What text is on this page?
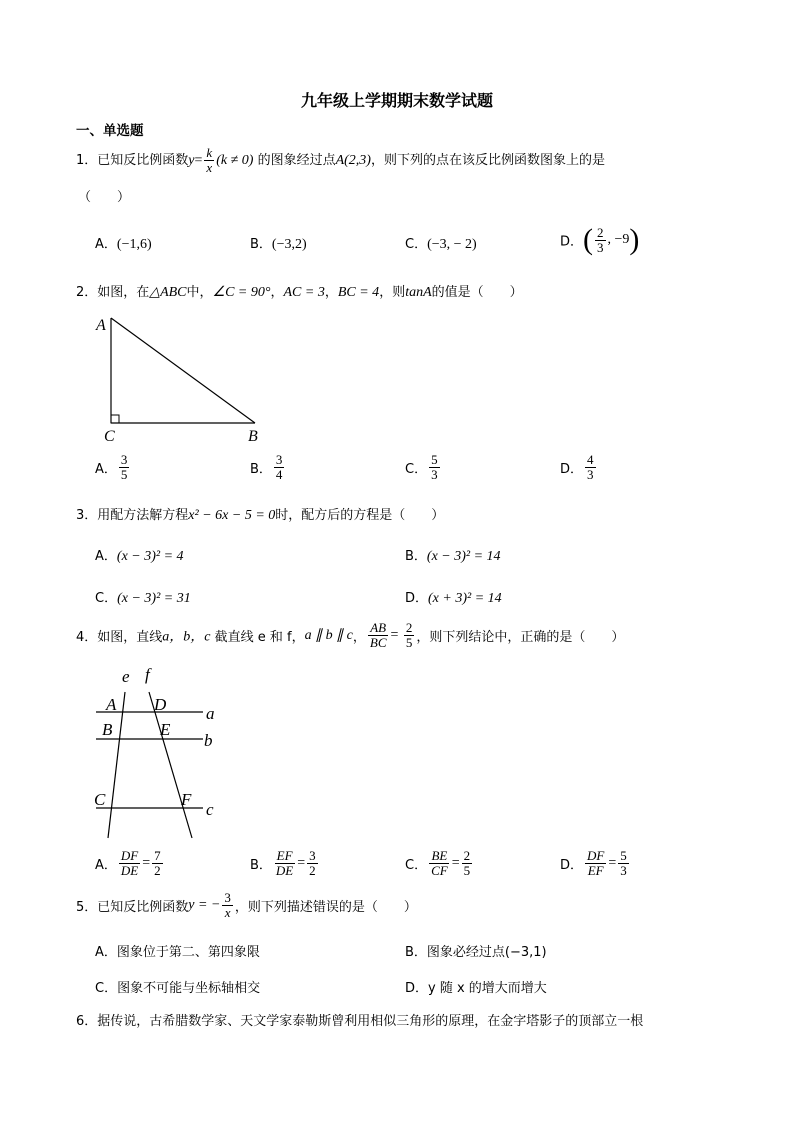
九年级上学期期末数学试题
一、单选题
1．已知反比例函数$y= \frac{k}{x} (k \ne 0)$ 的图象经过点A(2,3)，则下列的点在该反比例函数图象上的是
（　　）
A．(−1,6)	B．(−3,2)	C．(−3, − 2)	D．( $\frac{2}{3}$ , −9)
2．如图，在△ABC中，∠C = 90°，AC = 3，BC = 4，则tanA的值是（　　）
A
C	B
A． $\frac{3}{5}$	B． $\frac{3}{4}$	C． $\frac{5}{3}$	D． $\frac{4}{3}$
3．用配方法解方程x² − 6x − 5 = 0时，配方后的方程是（　　）
A．(x − 3)² = 4	B．(x − 3)² = 14
C．(x − 3)² = 31	D．(x + 3)² = 14
4．如图，直线a，b，c 截直线 e 和 f，a ∥ b ∥ c， $\frac{AB}{BC} = \frac{2}{5}$ ，则下列结论中，正确的是（　　）
e f
A D a
B	E
b
C	F
c
A． $\frac{DF}{DE} = \frac{7}{2}$	B． $\frac{EF}{DE} = \frac{3}{2}$	C． $\frac{BE}{CF} = \frac{2}{5}$	D． $\frac{DF}{EF} = \frac{5}{3}$
5．已知反比例函数y = − $\frac{3}{x}$ ，则下列描述错误的是（　　）
A．图象位于第二、第四象限	B．图象必经过点(−3,1)
C．图象不可能与坐标轴相交	D．y 随 x 的增大而增大
6．据传说，古希腊数学家、天文学家泰勒斯曾利用相似三角形的原理，在金字塔影子的顶部立一根
